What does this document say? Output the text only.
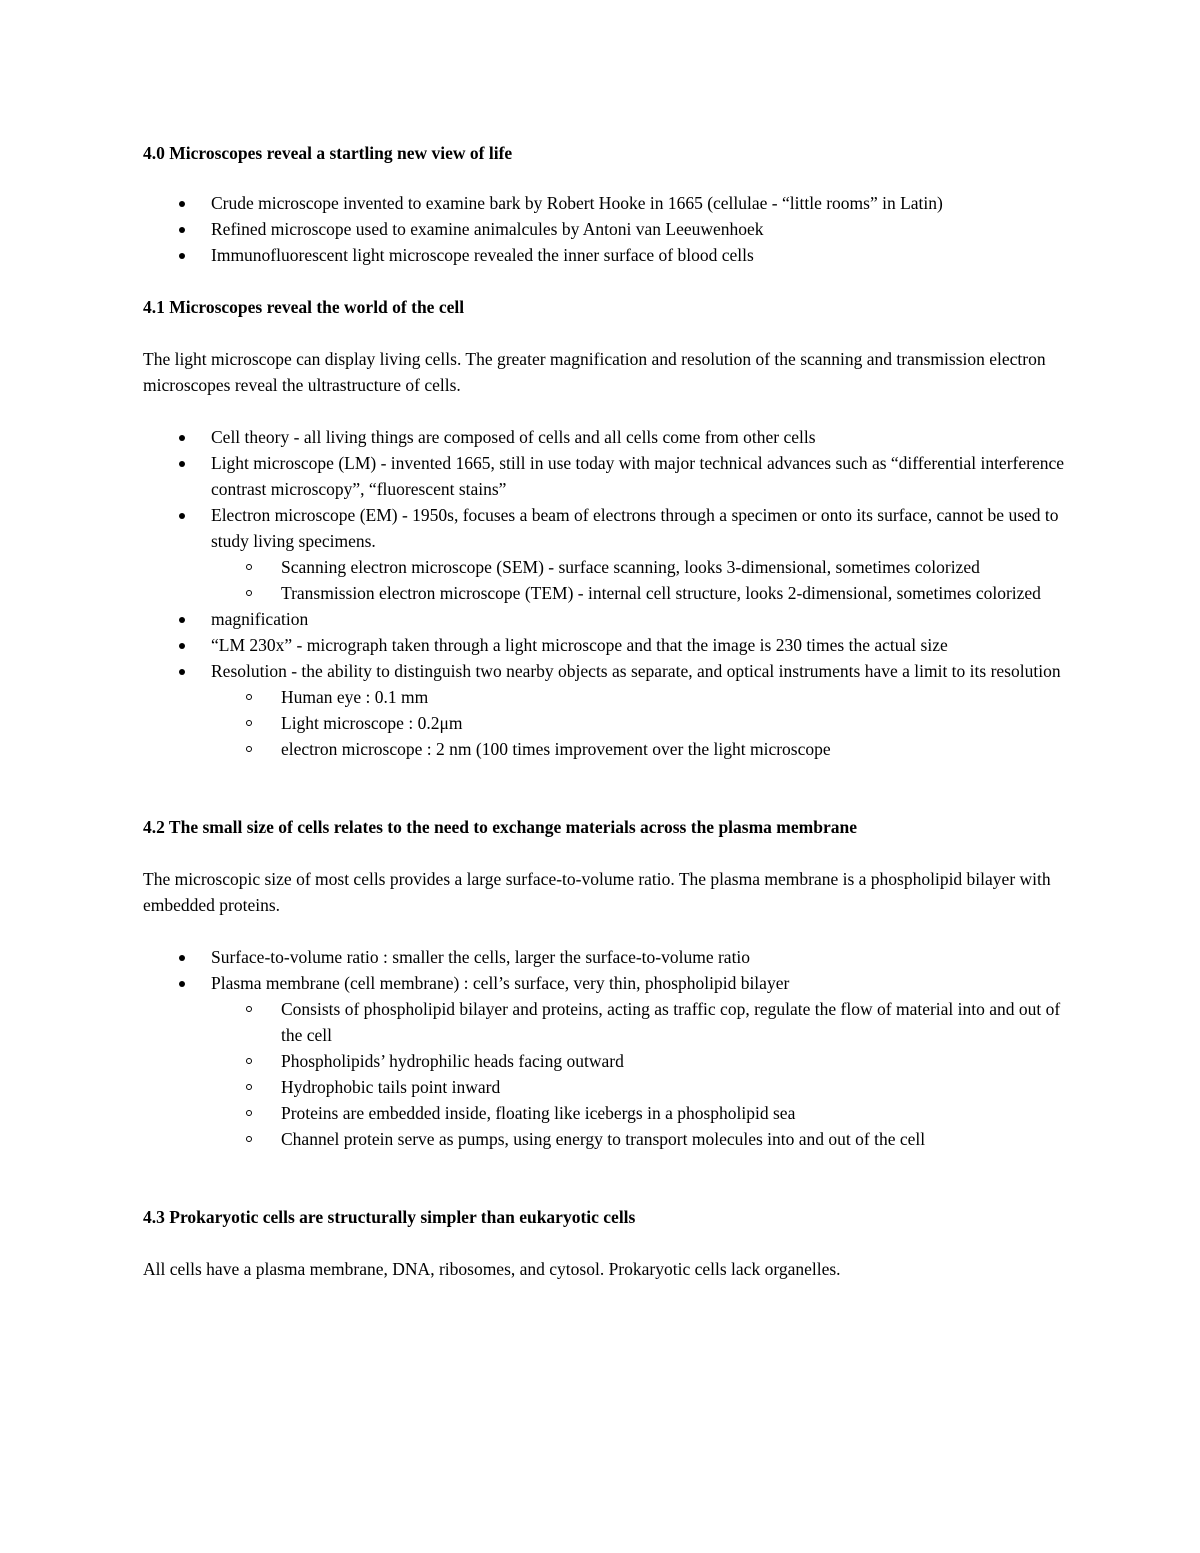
4.0 Microscopes reveal a startling new view of life
Crude microscope invented to examine bark by Robert Hooke in 1665 (cellulae - “little rooms” in Latin)
Refined microscope used to examine animalcules by Antoni van Leeuwenhoek
Immunofluorescent light microscope revealed the inner surface of blood cells
4.1 Microscopes reveal the world of the cell

The light microscope can display living cells. The greater magnification and resolution of the scanning and transmission electron microscopes reveal the ultrastructure of cells.

Cell theory - all living things are composed of cells and all cells come from other cells
Light microscope (LM) - invented 1665, still in use today with major technical advances such as “differential interference contrast microscopy”, “fluorescent stains”
Electron microscope (EM) - 1950s, focuses a beam of electrons through a specimen or onto its surface, cannot be used to study living specimens.
Scanning electron microscope (SEM) - surface scanning, looks 3-dimensional, sometimes colorized
Transmission electron microscope (TEM) - internal cell structure, looks 2-dimensional, sometimes colorized
magnification
“LM 230x” - micrograph taken through a light microscope and that the image is 230 times the actual size
Resolution - the ability to distinguish two nearby objects as separate, and optical instruments have a limit to its resolution
Human eye : 0.1 mm
Light microscope : 0.2μm
electron microscope : 2 nm (100 times improvement over the light microscope
4.2 The small size of cells relates to the need to exchange materials across the plasma membrane

The microscopic size of most cells provides a large surface-to-volume ratio. The plasma membrane is a phospholipid bilayer with embedded proteins.

Surface-to-volume ratio : smaller the cells, larger the surface-to-volume ratio
Plasma membrane (cell membrane) : cell’s surface, very thin, phospholipid bilayer
Consists of phospholipid bilayer and proteins, acting as traffic cop, regulate the flow of material into and out of the cell
Phospholipids’ hydrophilic heads facing outward
Hydrophobic tails point inward
Proteins are embedded inside, floating like icebergs in a phospholipid sea
Channel protein serve as pumps, using energy to transport molecules into and out of the cell
4.3 Prokaryotic cells are structurally simpler than eukaryotic cells

All cells have a plasma membrane, DNA, ribosomes, and cytosol. Prokaryotic cells lack organelles.
